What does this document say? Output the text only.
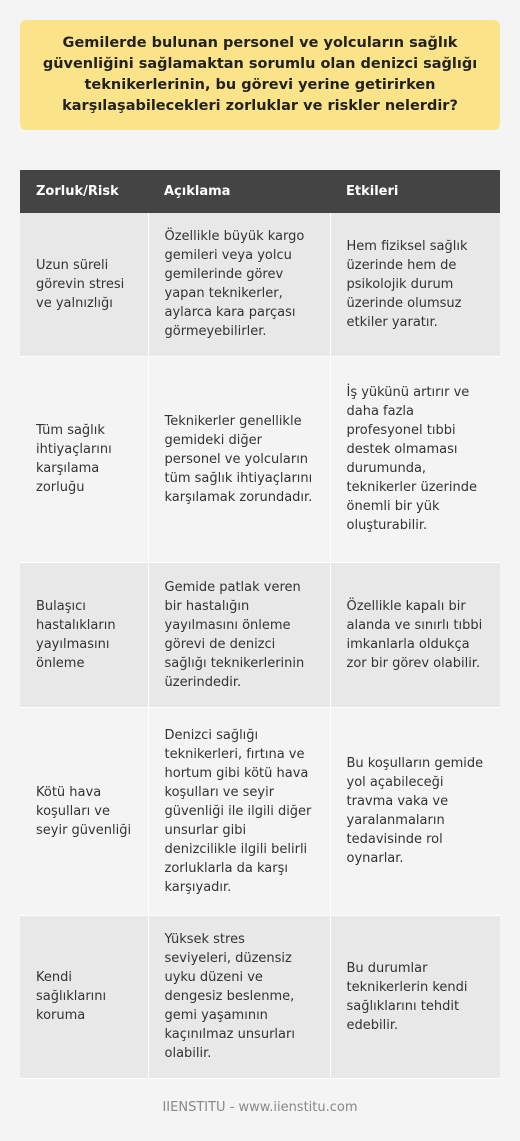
Gemilerde bulunan personel ve yolcuların sağlık güvenliğini sağlamaktan sorumlu olan denizci sağlığı teknikerlerinin, bu görevi yerine getirirken karşılaşabilecekleri zorluklar ve riskler nelerdir?
Zorluk/Risk	Açıklama	Etkileri
Uzun süreli görevin stresi ve yalnızlığı	Özellikle büyük kargo gemileri veya yolcu gemilerinde görev yapan teknikerler, aylarca kara parçası görmeyebilirler.	Hem fiziksel sağlık üzerinde hem de psikolojik durum üzerinde olumsuz etkiler yaratır.
Tüm sağlık ihtiyaçlarını karşılama zorluğu	Teknikerler genellikle gemideki diğer personel ve yolcuların tüm sağlık ihtiyaçlarını karşılamak zorundadır.	İş yükünü artırır ve daha fazla profesyonel tıbbi destek olmaması durumunda, teknikerler üzerinde önemli bir yük oluşturabilir.
Bulaşıcı hastalıkların yayılmasını önleme	Gemide patlak veren bir hastalığın yayılmasını önleme görevi de denizci sağlığı teknikerlerinin üzerindedir.	Özellikle kapalı bir alanda ve sınırlı tıbbi imkanlarla oldukça zor bir görev olabilir.
Kötü hava koşulları ve seyir güvenliği	Denizci sağlığı teknikerleri, fırtına ve hortum gibi kötü hava koşulları ve seyir güvenliği ile ilgili diğer unsurlar gibi denizcilikle ilgili belirli zorluklarla da karşı karşıyadır.	Bu koşulların gemide yol açabileceği travma vaka ve yaralanmaların tedavisinde rol oynarlar.
Kendi sağlıklarını koruma	Yüksek stres seviyeleri, düzensiz uyku düzeni ve dengesiz beslenme, gemi yaşamının kaçınılmaz unsurları olabilir.	Bu durumlar teknikerlerin kendi sağlıklarını tehdit edebilir.
IIENSTITU - www.iienstitu.com
